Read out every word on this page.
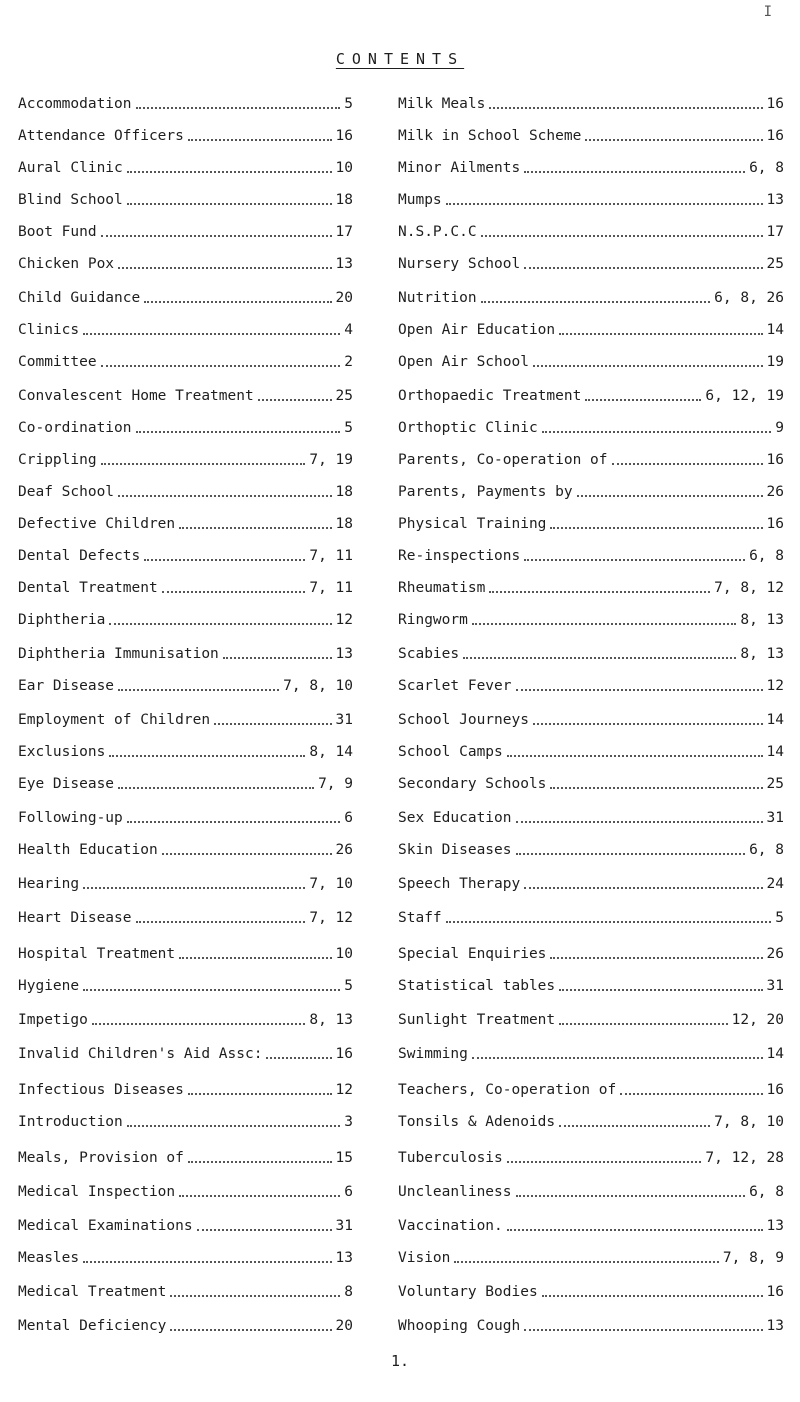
I
CONTENTS
Accommodation	5
Attendance Officers	16
Aural Clinic	10
Blind School	18
Boot Fund	17
Chicken Pox	13
Child Guidance	20
Clinics	4
Committee	2
Convalescent Home Treatment	25
Co-ordination	5
Crippling	7, 19
Deaf School	18
Defective Children	18
Dental Defects	7, 11
Dental Treatment	7, 11
Diphtheria	12
Diphtheria Immunisation	13
Ear Disease	7, 8, 10
Employment of Children	31
Exclusions	8, 14
Eye Disease	7, 9
Following-up	6
Health Education	26
Hearing	7, 10
Heart Disease	7, 12
Hospital Treatment	10
Hygiene	5
Impetigo	8, 13
Invalid Children's Aid Assc:	16
Infectious Diseases	12
Introduction	3
Meals, Provision of	15
Medical Inspection	6
Medical Examinations	31
Measles	13
Medical Treatment	8
Mental Deficiency	20
Milk Meals	16
Milk in School Scheme	16
Minor Ailments	6, 8
Mumps	13
N.S.P.C.C	17
Nursery School	25
Nutrition	6, 8, 26
Open Air Education	14
Open Air School	19
Orthopaedic Treatment	6, 12, 19
Orthoptic Clinic	9
Parents, Co-operation of	16
Parents, Payments by	26
Physical Training	16
Re-inspections	6, 8
Rheumatism	7, 8, 12
Ringworm	8, 13
Scabies	8, 13
Scarlet Fever	12
School Journeys	14
School Camps	14
Secondary Schools	25
Sex Education	31
Skin Diseases	6, 8
Speech Therapy	24
Staff	5
Special Enquiries	26
Statistical tables	31
Sunlight Treatment	12, 20
Swimming	14
Teachers, Co-operation of	16
Tonsils & Adenoids	7, 8, 10
Tuberculosis	7, 12, 28
Uncleanliness	6, 8
Vaccination.	13
Vision	7, 8, 9
Voluntary Bodies	16
Whooping Cough	13
1.
